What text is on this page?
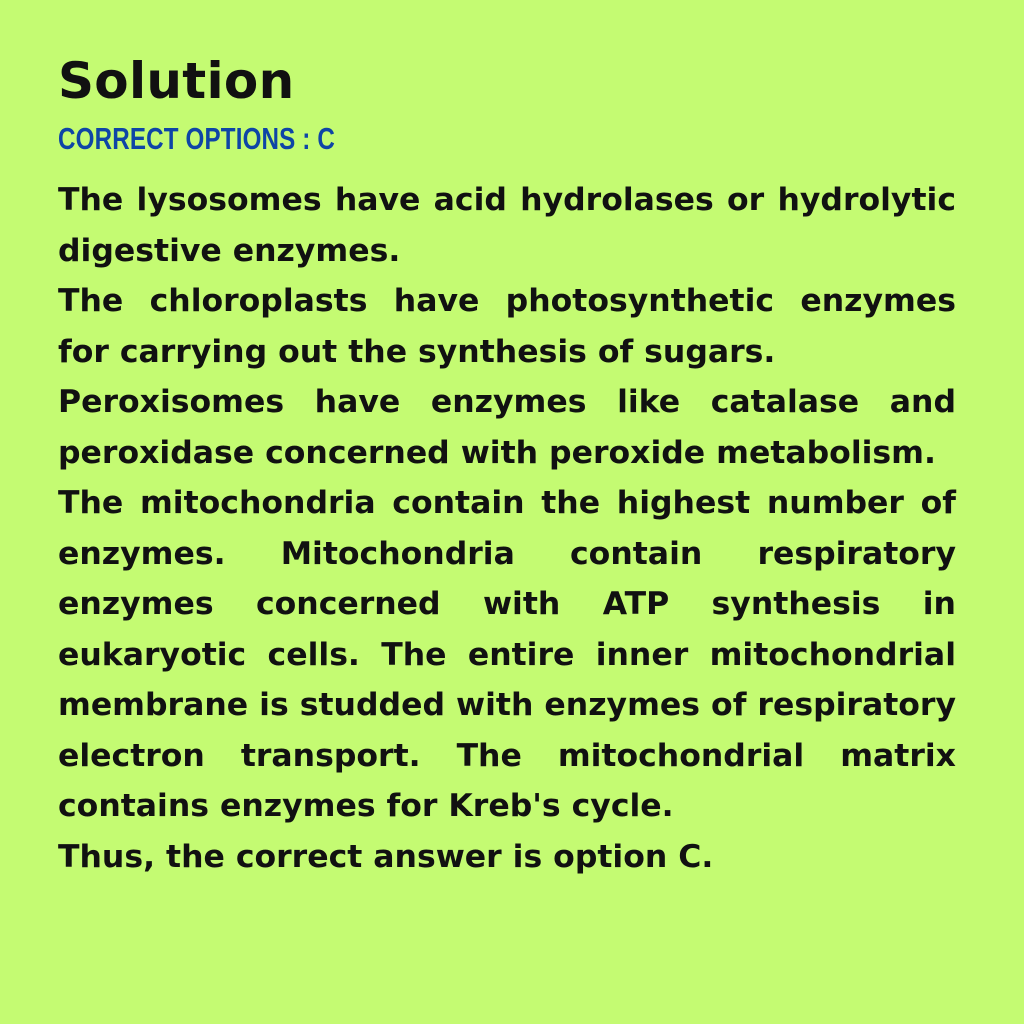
Solution
CORRECT OPTIONS : C

The lysosomes have acid hydrolases or hydrolytic digestive enzymes.

The chloroplasts have photosynthetic enzymes for carrying out the synthesis of sugars.

Peroxisomes have enzymes like catalase and peroxidase concerned with peroxide metabolism.

The mitochondria contain the highest number of enzymes. Mitochondria contain respiratory enzymes concerned with ATP synthesis in eukaryotic cells. The entire inner mitochondrial membrane is studded with enzymes of respiratory electron transport. The mitochondrial matrix contains enzymes for Kreb's cycle.

Thus, the correct answer is option C.
